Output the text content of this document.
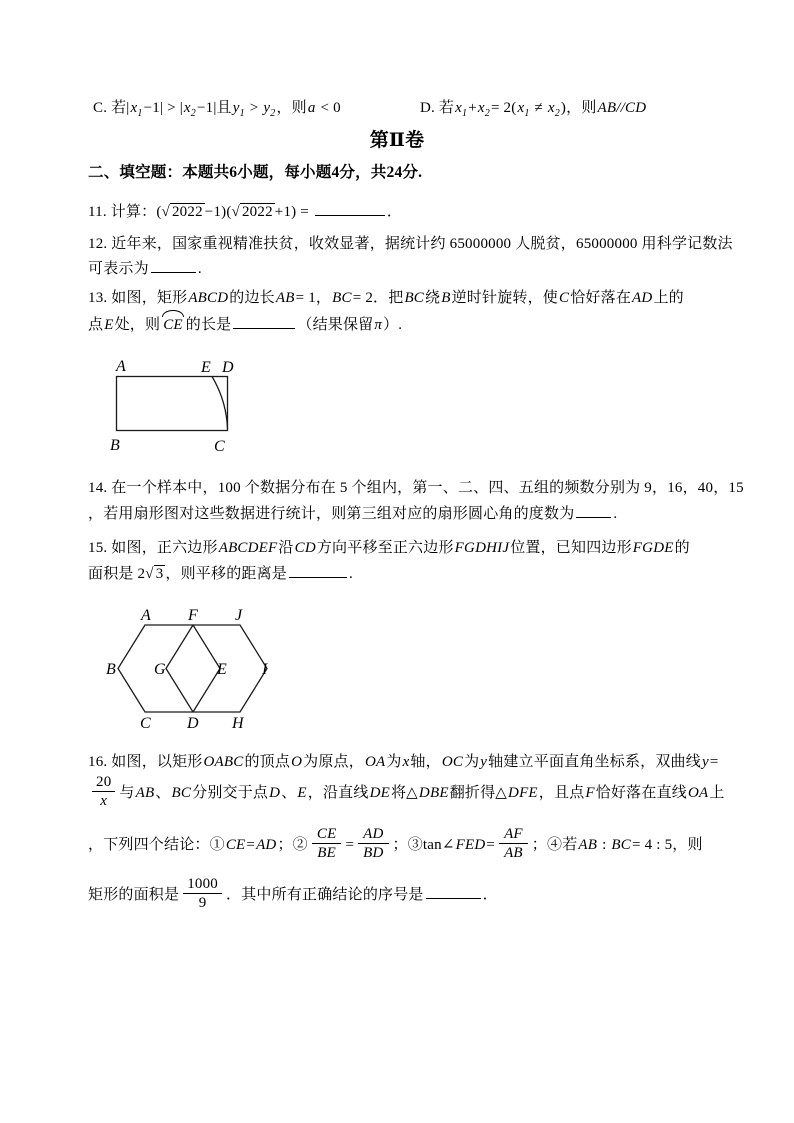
C. 若$|x_1-1| > |x_2-1|$且$y_1 > y_2$，则a < 0	D. 若$x_1+x_2= 2(x_1 \ne x_2)$，则AB//CD
第Ⅱ卷
二、填空题：本题共6小题，每小题4分，共24分.
11. 计算：(√ 2022 −1)(√ 2022 +1) =	．
12. 近年来，国家重视精准扶贫，收效显著，据统计约 65000000 人脱贫，65000000 用科学记数法
可表示为	.
13. 如图，矩形ABCD的边长AB= 1，BC= 2．把BC绕B逆时针旋转，使C恰好落在AD上的
点E处，则 CE 的长是	（结果保留π）.
A	E D
B	C
14. 在一个样本中，100 个数据分布在 5 个组内，第一、二、四、五组的频数分别为 9，16，40，15
，若用扇形图对这些数据进行统计，则第三组对应的扇形圆心角的度数为	.
15. 如图，正六边形ABCDEF沿CD方向平移至正六边形FGDHIJ位置，已知四边形FGDE的
面积是 2√ 3 ，则平移的距离是	.
A F J
B G	E I
C D H
16. 如图，以矩形OABC的顶点O为原点，OA为x轴，OC为y轴建立平面直角坐标系，双曲线y=
$\frac{20}{x}$ 与AB、BC分别交于点D、E，沿直线DE将△DBE翻折得△DFE，且点F恰好落在直线OA上
，下列四个结论：①CE=AD；② $\frac{CE}{BE} = \frac{AD}{BD}$ ；③tan∠FED= $\frac{AF}{AB}$ ；④若AB : BC= 4 : 5，则
矩形的面积是 $\frac{1000}{9}$ ．其中所有正确结论的序号是	．
